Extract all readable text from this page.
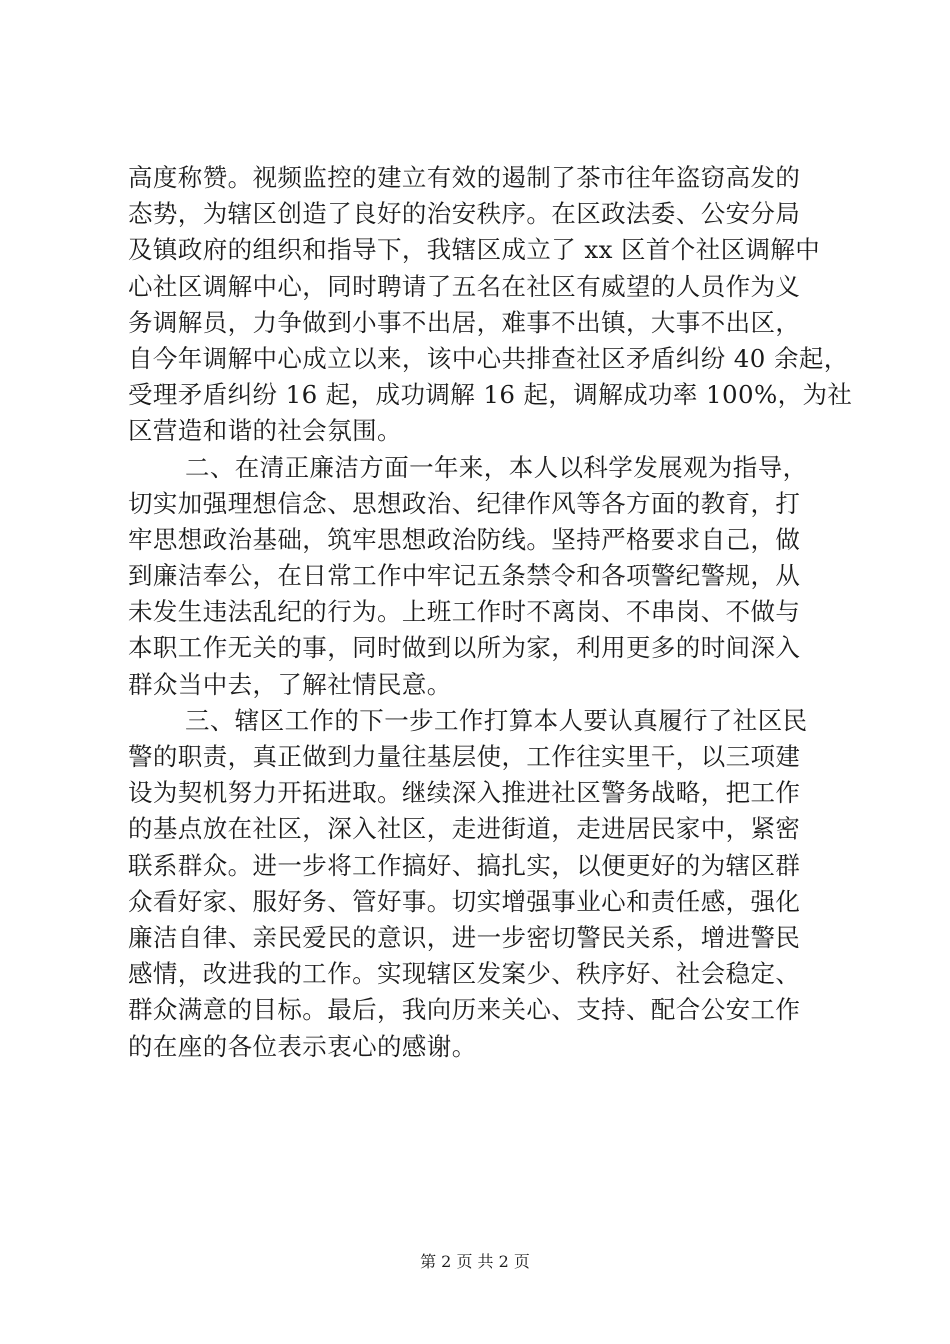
高度称赞。视频监控的建立有效的遏制了茶市往年盗窃高发的
态势，为辖区创造了良好的治安秩序。在区政法委、公安分局
及镇政府的组织和指导下，我辖区成立了 xx 区首个社区调解中
心社区调解中心，同时聘请了五名在社区有威望的人员作为义
务调解员，力争做到小事不出居，难事不出镇，大事不出区，
自今年调解中心成立以来，该中心共排查社区矛盾纠纷 40 余起，
受理矛盾纠纷 16 起，成功调解 16 起，调解成功率 100%，为社
区营造和谐的社会氛围。
二、在清正廉洁方面一年来，本人以科学发展观为指导，
切实加强理想信念、思想政治、纪律作风等各方面的教育，打
牢思想政治基础，筑牢思想政治防线。坚持严格要求自己，做
到廉洁奉公，在日常工作中牢记五条禁令和各项警纪警规，从
未发生违法乱纪的行为。上班工作时不离岗、不串岗、不做与
本职工作无关的事，同时做到以所为家，利用更多的时间深入
群众当中去，了解社情民意。
三、辖区工作的下一步工作打算本人要认真履行了社区民
警的职责，真正做到力量往基层使，工作往实里干，以三项建
设为契机努力开拓进取。继续深入推进社区警务战略，把工作
的基点放在社区，深入社区，走进街道，走进居民家中，紧密
联系群众。进一步将工作搞好、搞扎实，以便更好的为辖区群
众看好家、服好务、管好事。切实增强事业心和责任感，强化
廉洁自律、亲民爱民的意识，进一步密切警民关系，增进警民
感情，改进我的工作。实现辖区发案少、秩序好、社会稳定、
群众满意的目标。最后，我向历来关心、支持、配合公安工作
的在座的各位表示衷心的感谢。
第 2 页 共 2 页
